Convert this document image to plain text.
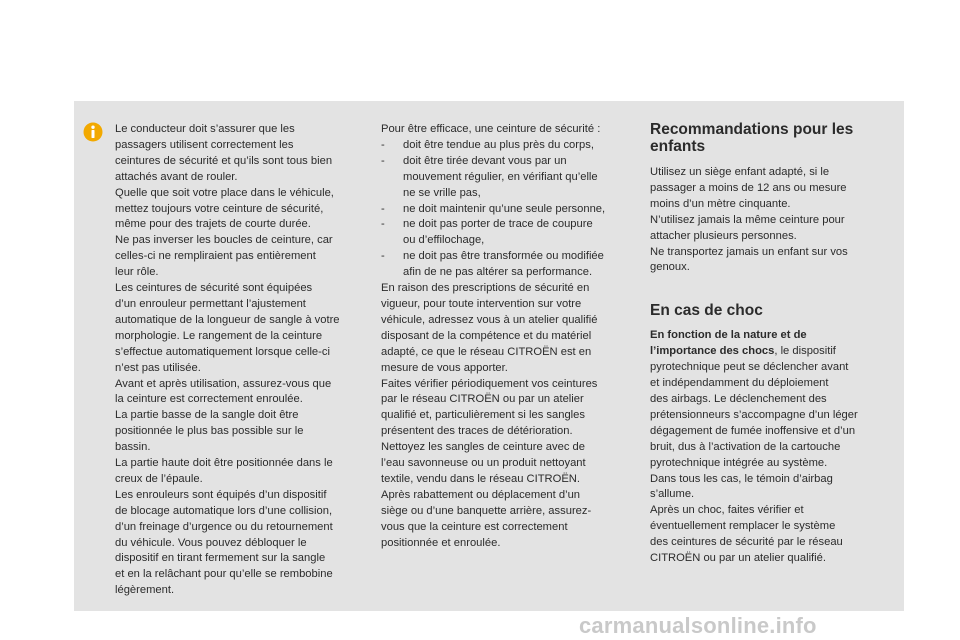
Le conducteur doit s’assurer que les

passagers utilisent correctement les

ceintures de sécurité et qu’ils sont tous bien

attachés avant de rouler.

Quelle que soit votre place dans le véhicule,

mettez toujours votre ceinture de sécurité,

même pour des trajets de courte durée.

Ne pas inverser les boucles de ceinture, car

celles-ci ne rempliraient pas entièrement

leur rôle.

Les ceintures de sécurité sont équipées

d’un enrouleur permettant l’ajustement

automatique de la longueur de sangle à votre

morphologie. Le rangement de la ceinture

s’effectue automatiquement lorsque celle-ci

n’est pas utilisée.

Avant et après utilisation, assurez-vous que

la ceinture est correctement enroulée.

La partie basse de la sangle doit être

positionnée le plus bas possible sur le

bassin.

La partie haute doit être positionnée dans le

creux de l’épaule.

Les enrouleurs sont équipés d’un dispositif

de blocage automatique lors d’une collision,

d’un freinage d’urgence ou du retournement

du véhicule. Vous pouvez débloquer le

dispositif en tirant fermement sur la sangle

et en la relâchant pour qu’elle se rembobine

légèrement.

Pour être efficace, une ceinture de sécurité :

- doit être tendue au plus près du corps,

- doit être tirée devant vous par un

mouvement régulier, en vérifiant qu’elle

ne se vrille pas,

- ne doit maintenir qu’une seule personne,

- ne doit pas porter de trace de coupure

ou d’effilochage,

- ne doit pas être transformée ou modifiée

afin de ne pas altérer sa performance.

En raison des prescriptions de sécurité en

vigueur, pour toute intervention sur votre

véhicule, adressez vous à un atelier qualifié

disposant de la compétence et du matériel

adapté, ce que le réseau CITROËN est en

mesure de vous apporter.

Faites vérifier périodiquement vos ceintures

par le réseau CITROËN ou par un atelier

qualifié et, particulièrement si les sangles

présentent des traces de détérioration.

Nettoyez les sangles de ceinture avec de

l’eau savonneuse ou un produit nettoyant

textile, vendu dans le réseau CITROËN.

Après rabattement ou déplacement d’un

siège ou d’une banquette arrière, assurez-

vous que la ceinture est correctement

positionnée et enroulée.

Recommandations pour les
enfants

Utilisez un siège enfant adapté, si le

passager a moins de 12 ans ou mesure

moins d’un mètre cinquante.

N’utilisez jamais la même ceinture pour

attacher plusieurs personnes.

Ne transportez jamais un enfant sur vos

genoux.

En cas de choc

En fonction de la nature et de

l’importance des chocs, le dispositif

pyrotechnique peut se déclencher avant

et indépendamment du déploiement

des airbags. Le déclenchement des

prétensionneurs s’accompagne d’un léger

dégagement de fumée inoffensive et d’un

bruit, dus à l’activation de la cartouche

pyrotechnique intégrée au système.

Dans tous les cas, le témoin d’airbag

s’allume.

Après un choc, faites vérifier et

éventuellement remplacer le système

des ceintures de sécurité par le réseau

CITROËN ou par un atelier qualifié.

carmanualsonline.info
